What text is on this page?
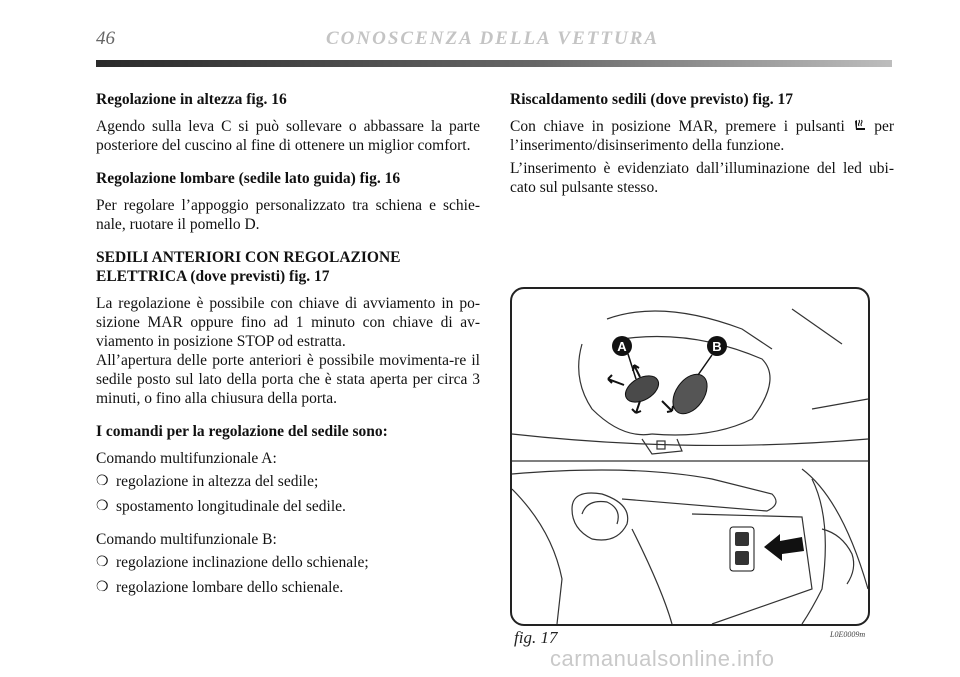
46	CONOSCENZA DELLA VETTURA
Regolazione in altezza fig. 16

Agendo sulla leva C si può sollevare o abbassare la parte posteriore del cuscino al fine di ottenere un miglior comfort.

Regolazione lombare (sedile lato guida) fig. 16

Per regolare l’appoggio personalizzato tra schiena e schie-nale, ruotare il pomello D.

SEDILI ANTERIORI CON REGOLAZIONE
ELETTRICA (dove previsti) fig. 17

La regolazione è possibile con chiave di avviamento in po-sizione MAR oppure fino ad 1 minuto con chiave di av-viamento in posizione STOP od estratta.

All’apertura delle porte anteriori è possibile movimenta-re il sedile posto sul lato della porta che è stata aperta per circa 3 minuti, o fino alla chiusura della porta.

I comandi per la regolazione del sedile sono:

Comando multifunzionale A:

❍ regolazione in altezza del sedile;
❍ spostamento longitudinale del sedile.

Comando multifunzionale B:

❍ regolazione inclinazione dello schienale;
❍ regolazione lombare dello schienale.
Riscaldamento sedili (dove previsto) fig. 17

Con chiave in posizione MAR, premere i pulsanti per l’inserimento/disinserimento della funzione.

L’inserimento è evidenziato dall’illuminazione del led ubi-cato sul pulsante stesso.

A	B
fig. 17	L0E0009m
carmanualsonline.info
